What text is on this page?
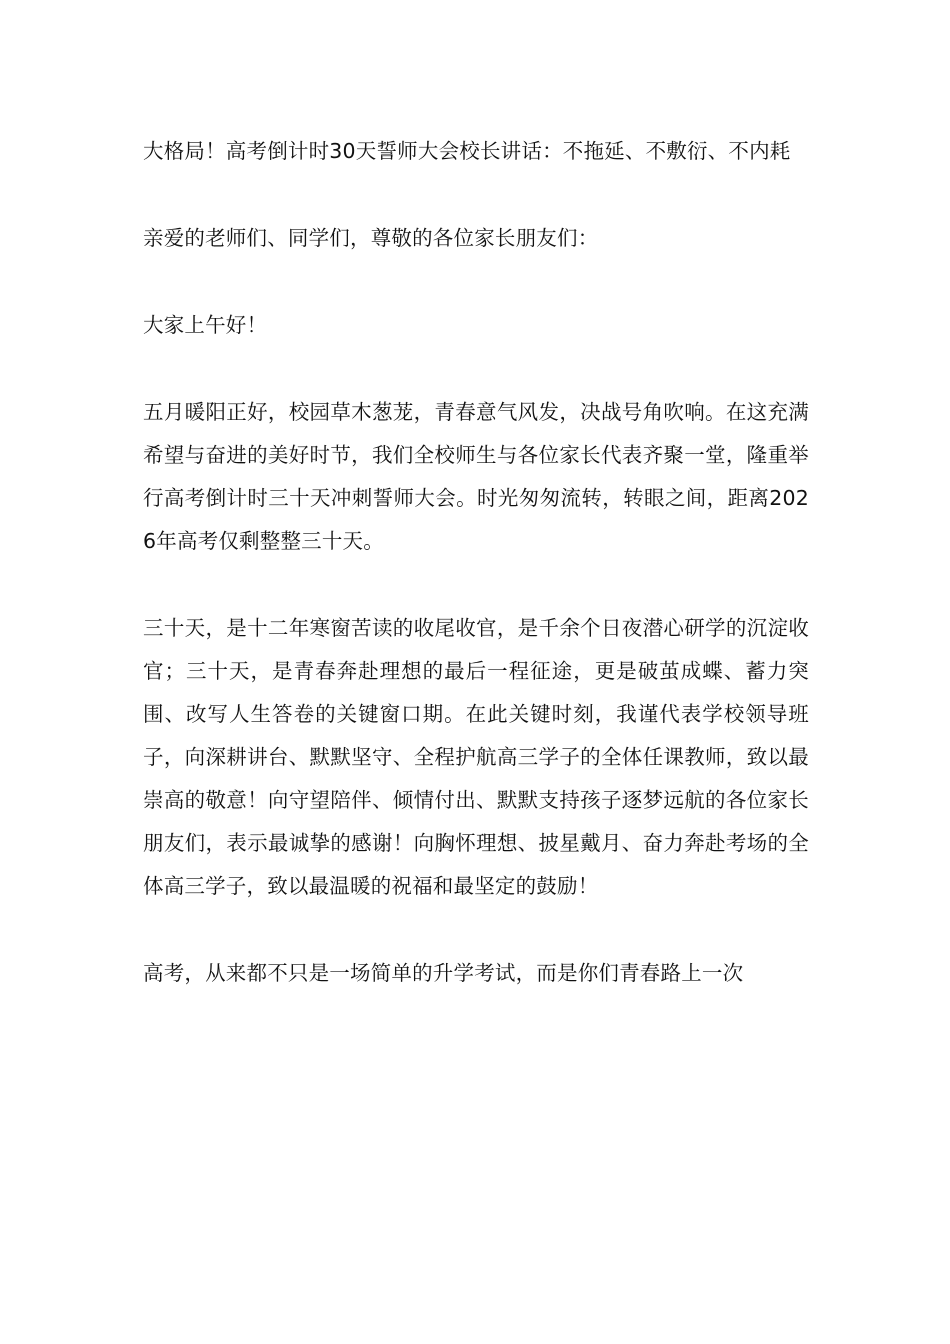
大格局！高考倒计时30天誓师大会校长讲话：不拖延、不敷衍、不内耗

亲爱的老师们、同学们，尊敬的各位家长朋友们：

大家上午好！

五月暖阳正好，校园草木葱茏，青春意气风发，决战号角吹响。在这充满希望与奋进的美好时节，我们全校师生与各位家长代表齐聚一堂，隆重举行高考倒计时三十天冲刺誓师大会。时光匆匆流转，转眼之间，距离2026年高考仅剩整整三十天。

三十天，是十二年寒窗苦读的收尾收官，是千余个日夜潜心研学的沉淀收官；三十天，是青春奔赴理想的最后一程征途，更是破茧成蝶、蓄力突围、改写人生答卷的关键窗口期。在此关键时刻，我谨代表学校领导班子，向深耕讲台、默默坚守、全程护航高三学子的全体任课教师，致以最崇高的敬意！向守望陪伴、倾情付出、默默支持孩子逐梦远航的各位家长朋友们，表示最诚挚的感谢！向胸怀理想、披星戴月、奋力奔赴考场的全体高三学子，致以最温暖的祝福和最坚定的鼓励！

高考，从来都不只是一场简单的升学考试，而是你们青春路上一次
